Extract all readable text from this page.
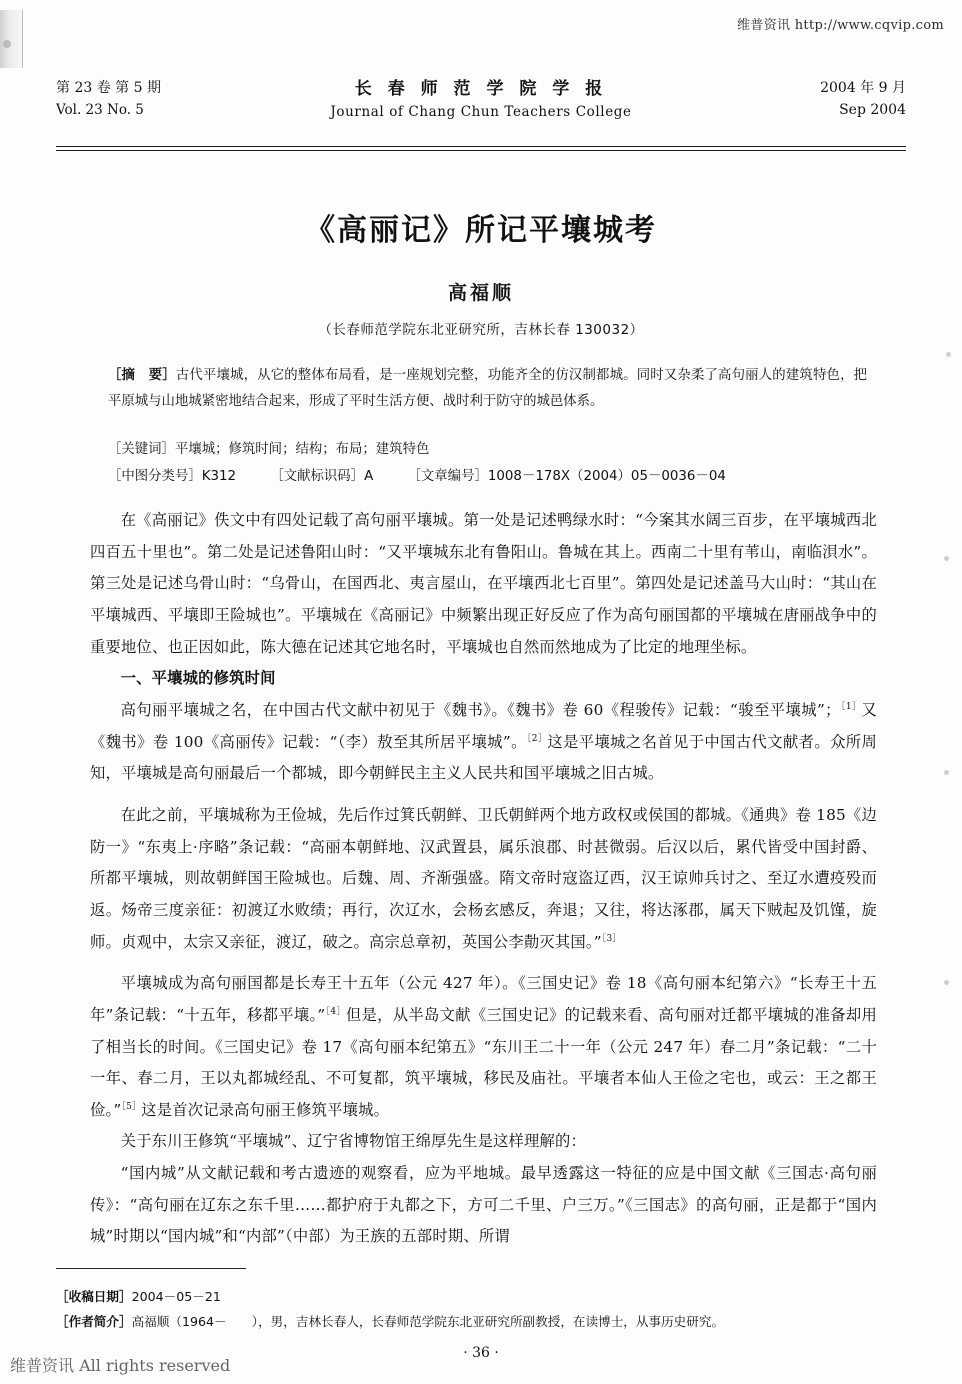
维普资讯 http://www.cqvip.com
第 23 卷 第 5 期
Vol. 23 No. 5
长 春 师 范 学 院 学 报
Journal of Chang Chun Teachers College
2004 年 9 月
Sep 2004
《高丽记》所记平壤城考
高福顺
（长春师范学院东北亚研究所，吉林长春 130032）
［摘　要］古代平壤城，从它的整体布局看，是一座规划完整，功能齐全的仿汉制都城。同时又杂柔了高句丽人的建筑特色，把平原城与山地城紧密地结合起来，形成了平时生活方便、战时利于防守的城邑体系。
［关键词］平壤城；修筑时间；结构；布局；建筑特色
［中图分类号］K312	［文献标识码］A	［文章编号］1008－178X（2004）05－0036－04

在《高丽记》佚文中有四处记载了高句丽平壤城。第一处是记述鸭绿水时：“今案其水阔三百步，在平壤城西北四百五十里也”。第二处是记述鲁阳山时：“又平壤城东北有鲁阳山。鲁城在其上。西南二十里有苇山，南临浿水”。第三处是记述乌骨山时：“乌骨山，在国西北、夷言屋山，在平壤西北七百里”。第四处是记述盖马大山时：“其山在平壤城西、平壤即王险城也”。平壤城在《高丽记》中频繁出现正好反应了作为高句丽国都的平壤城在唐丽战争中的重要地位、也正因如此，陈大德在记述其它地名时，平壤城也自然而然地成为了比定的地理坐标。

一、平壤城的修筑时间

高句丽平壤城之名，在中国古代文献中初见于《魏书》。《魏书》卷 60《程骏传》记载：“骏至平壤城”；$^{[1]}$又《魏书》卷 100《高丽传》记载：“（李）敖至其所居平壤城”。$^{[2]}$这是平壤城之名首见于中国古代文献者。众所周知，平壤城是高句丽最后一个都城，即今朝鲜民主主义人民共和国平壤城之旧古城。

在此之前，平壤城称为王俭城，先后作过箕氏朝鲜、卫氏朝鲜两个地方政权或侯国的都城。《通典》卷 185《边防一》“东夷上·序略”条记载：“高丽本朝鲜地、汉武置县，属乐浪郡、时甚微弱。后汉以后，累代皆受中国封爵、所都平壤城，则故朝鲜国王险城也。后魏、周、齐渐强盛。隋文帝时寇盗辽西，汉王谅帅兵讨之、至辽水遭疫殁而返。炀帝三度亲征：初渡辽水败绩；再行，次辽水，会杨玄感反，奔退；又往，将达涿郡，属天下贼起及饥馑，旋师。贞观中，太宗又亲征，渡辽，破之。高宗总章初，英国公李勣灭其国。”$^{[3]}$

平壤城成为高句丽国都是长寿王十五年（公元 427 年）。《三国史记》卷 18《高句丽本纪第六》“长寿王十五年”条记载：“十五年，移都平壤。”$^{[4]}$但是，从半岛文献《三国史记》的记载来看、高句丽对迁都平壤城的准备却用了相当长的时间。《三国史记》卷 17《高句丽本纪第五》“东川王二十一年（公元 247 年）春二月”条记载：“二十一年、春二月，王以丸都城经乱、不可复都，筑平壤城，移民及庙社。平壤者本仙人王俭之宅也，或云：王之都王俭。”$^{[5]}$这是首次记录高句丽王修筑平壤城。

关于东川王修筑“平壤城”、辽宁省博物馆王绵厚先生是这样理解的：

“国内城”从文献记载和考古遗迹的观察看，应为平地城。最早透露这一特征的应是中国文献《三国志·高句丽传》：“高句丽在辽东之东千里……都护府于丸都之下，方可二千里、户三万。”《三国志》的高句丽，正是都于“国内城”时期以“国内城”和“内部”（中部）为王族的五部时期、所谓

［收稿日期］2004－05－21
［作者简介］高福顺（1964－　　），男，吉林长春人，长春师范学院东北亚研究所副教授，在读博士，从事历史研究。
· 36 ·
维普资讯 All rights reserved
